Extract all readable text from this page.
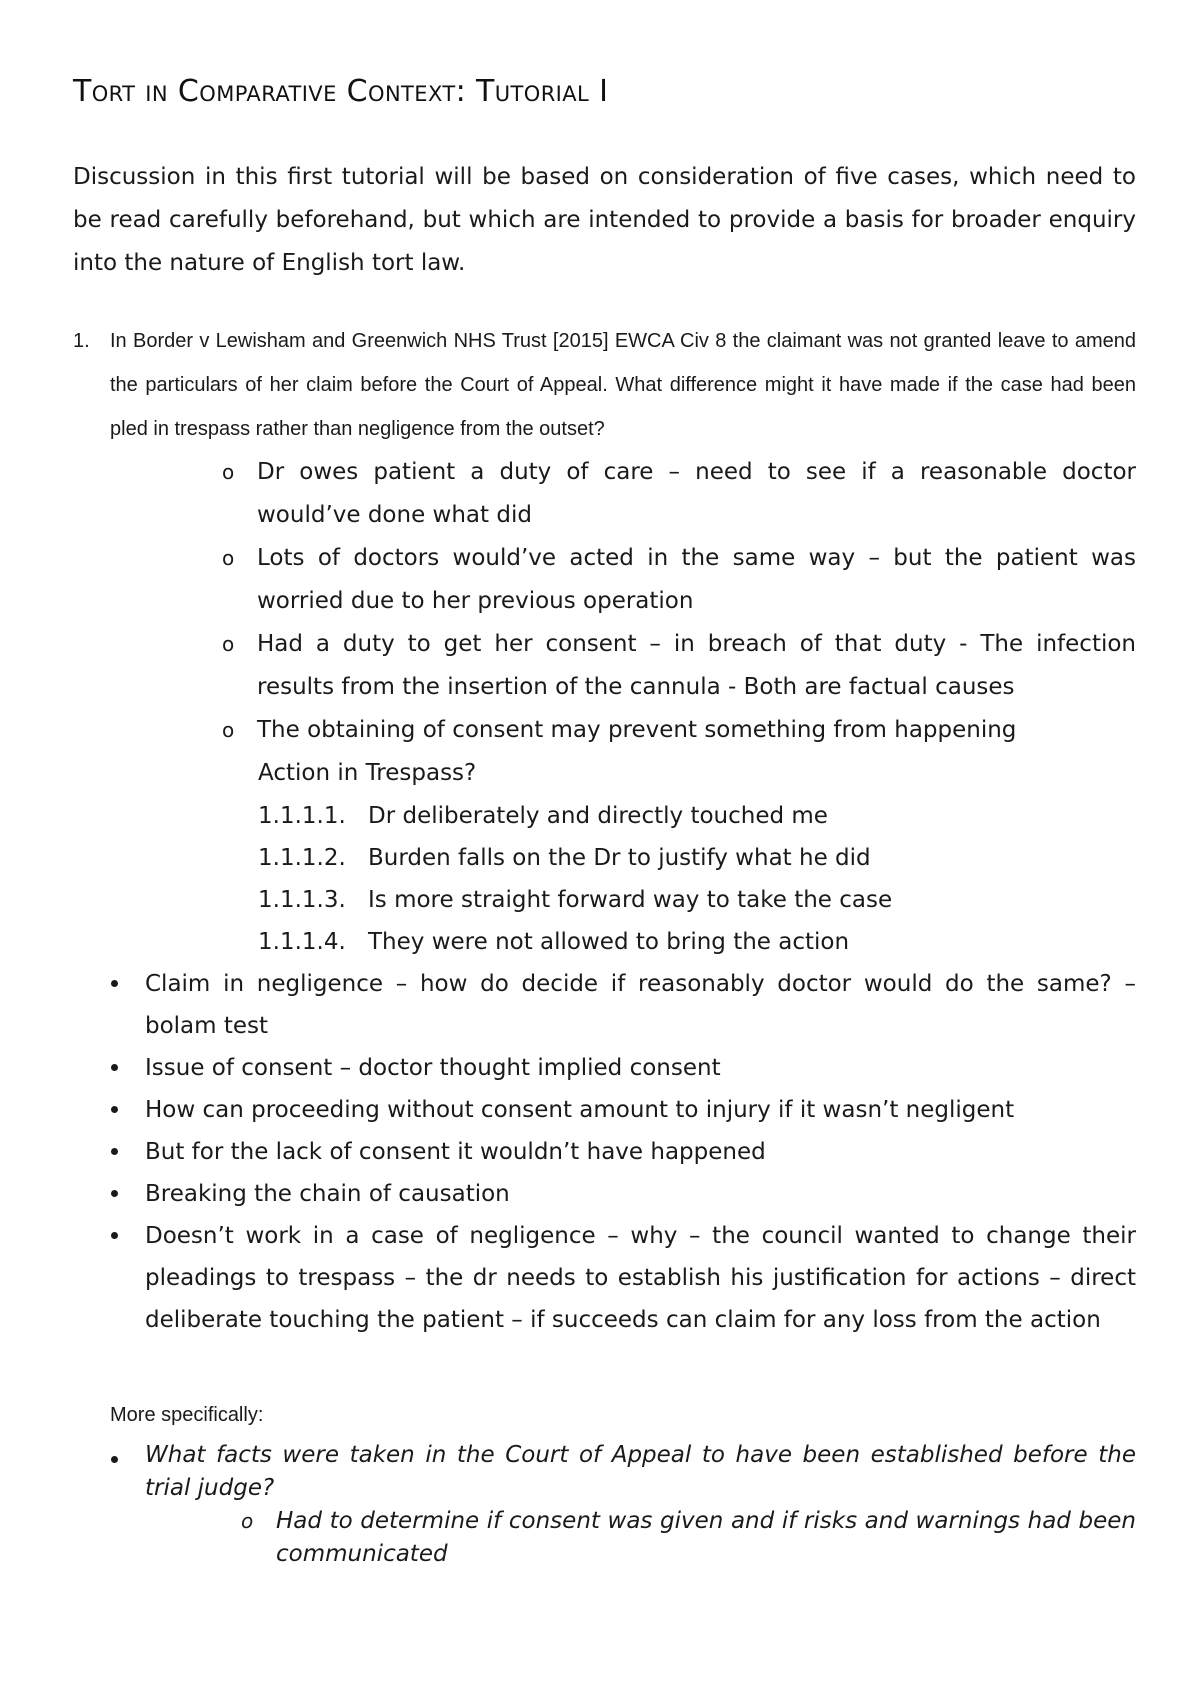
Tort in Comparative Context: Tutorial I

Discussion in this first tutorial will be based on consideration of five cases, which need to be read carefully beforehand, but which are intended to provide a basis for broader enquiry into the nature of English tort law.

1.	In Border v Lewisham and Greenwich NHS Trust [2015] EWCA Civ 8 the claimant was not granted leave to amend the particulars of her claim before the Court of Appeal. What difference might it have made if the case had been pled in trespass rather than negligence from the outset?
o Dr owes patient a duty of care – need to see if a reasonable doctor would’ve done what did
o Lots of doctors would’ve acted in the same way – but the patient was worried due to her previous operation
o Had a duty to get her consent – in breach of that duty - The infection results from the insertion of the cannula - Both are factual causes
o The obtaining of consent may prevent something from happening
Action in Trespass?
1.1.1.1. Dr deliberately and directly touched me
1.1.1.2. Burden falls on the Dr to justify what he did
1.1.1.3. Is more straight forward way to take the case
1.1.1.4. They were not allowed to bring the action
Claim in negligence – how do decide if reasonably doctor would do the same? – bolam test
Issue of consent – doctor thought implied consent
How can proceeding without consent amount to injury if it wasn’t negligent
But for the lack of consent it wouldn’t have happened
Breaking the chain of causation
Doesn’t work in a case of negligence – why – the council wanted to change their pleadings to trespass – the dr needs to establish his justification for actions – direct deliberate touching the patient – if succeeds can claim for any loss from the action
More specifically:
What facts were taken in the Court of Appeal to have been established before the trial judge?
o Had to determine if consent was given and if risks and warnings had been communicated
